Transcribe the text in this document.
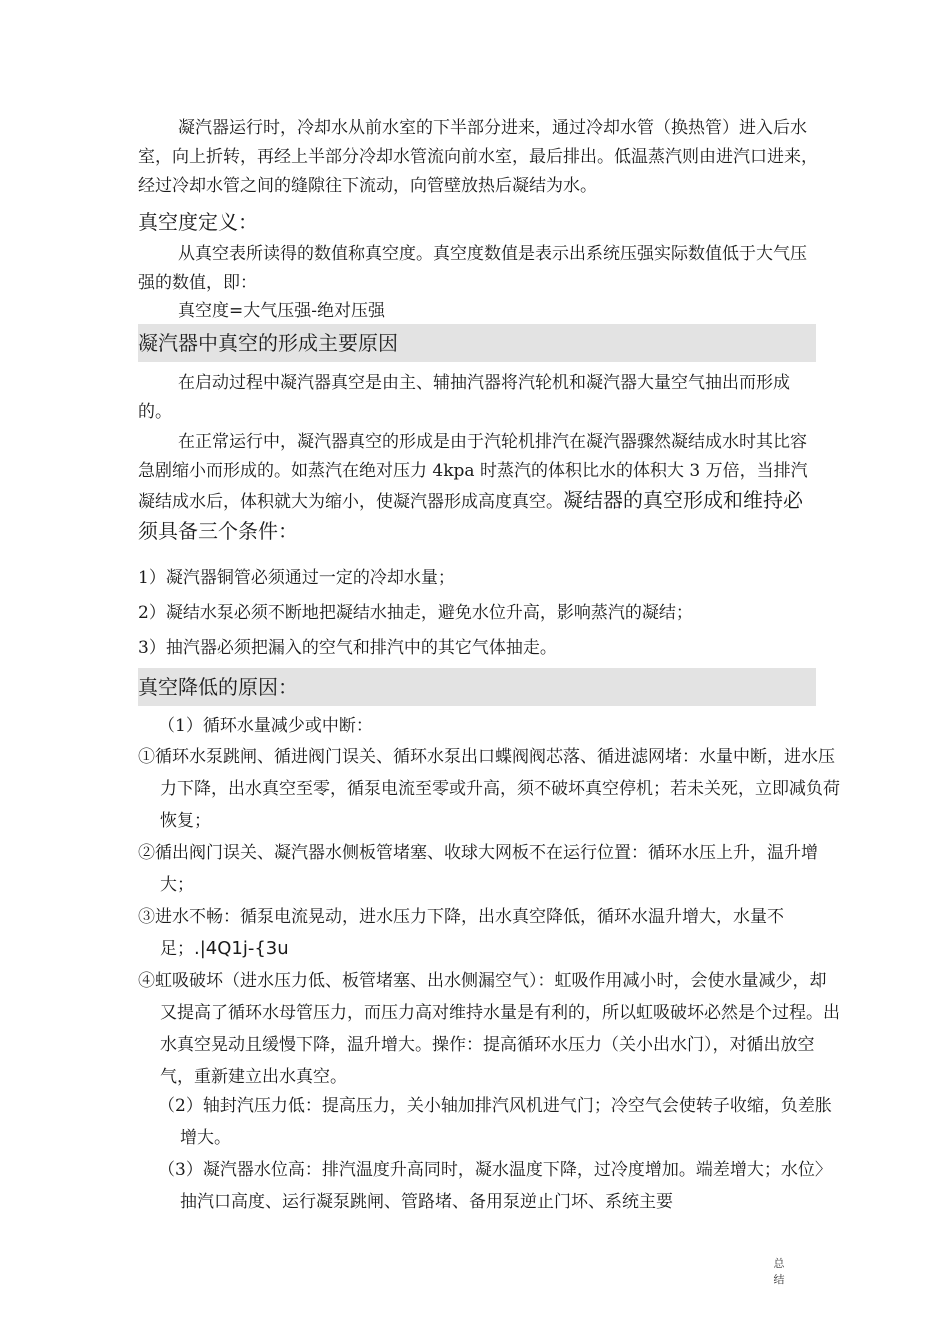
凝汽器运行时，冷却水从前水室的下半部分进来，通过冷却水管（换热管）进入后水室，向上折转，再经上半部分冷却水管流向前水室，最后排出。低温蒸汽则由进汽口进来，经过冷却水管之间的缝隙往下流动，向管壁放热后凝结为水。

真空度定义：

从真空表所读得的数值称真空度。真空度数值是表示出系统压强实际数值低于大气压强的数值，即：

真空度=大气压强-绝对压强

凝汽器中真空的形成主要原因

在启动过程中凝汽器真空是由主、辅抽汽器将汽轮机和凝汽器大量空气抽出而形成的。

在正常运行中，凝汽器真空的形成是由于汽轮机排汽在凝汽器骤然凝结成水时其比容急剧缩小而形成的。如蒸汽在绝对压力 4kpa 时蒸汽的体积比水的体积大 3 万倍，当排汽凝结成水后，体积就大为缩小，使凝汽器形成高度真空。凝结器的真空形成和维持必须具备三个条件：

1）凝汽器铜管必须通过一定的冷却水量；

2）凝结水泵必须不断地把凝结水抽走，避免水位升高，影响蒸汽的凝结；

3）抽汽器必须把漏入的空气和排汽中的其它气体抽走。

真空降低的原因：

（1）循环水量减少或中断：

①循环水泵跳闸、循进阀门误关、循环水泵出口蝶阀阀芯落、循进滤网堵：水量中断，进水压力下降，出水真空至零，循泵电流至零或升高，须不破坏真空停机；若未关死，立即减负荷恢复；

②循出阀门误关、凝汽器水侧板管堵塞、收球大网板不在运行位置：循环水压上升，温升增大；

③进水不畅：循泵电流晃动，进水压力下降，出水真空降低，循环水温升增大，水量不足；.|4Q1j-{3u

④虹吸破坏（进水压力低、板管堵塞、出水侧漏空气）：虹吸作用减小时，会使水量减少，却又提高了循环水母管压力，而压力高对维持水量是有利的，所以虹吸破坏必然是个过程。出水真空晃动且缓慢下降，温升增大。操作：提高循环水压力（关小出水门），对循出放空气，重新建立出水真空。

（2）轴封汽压力低：提高压力，关小轴加排汽风机进气门；冷空气会使转子收缩，负差胀增大。

（3）凝汽器水位高：排汽温度升高同时，凝水温度下降，过冷度增加。端差增大；水位〉抽汽口高度、运行凝泵跳闸、管路堵、备用泵逆止门坏、系统主要

总结
